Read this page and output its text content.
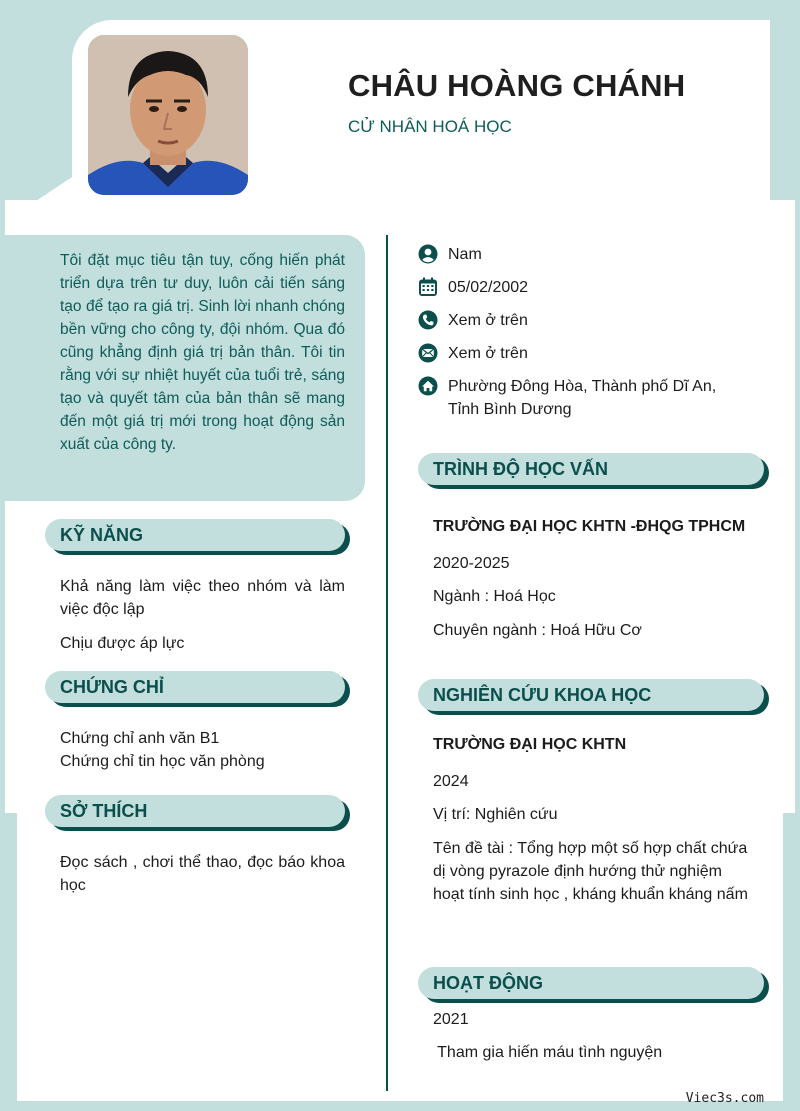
CHÂU HOÀNG CHÁNH
CỬ NHÂN HOÁ HỌC

Tôi đặt mục tiêu tận tuy, cống hiến phát triển dựa trên tư duy, luôn cải tiến sáng tạo để tạo ra giá trị. Sinh lời nhanh chóng bền vững cho công ty, đội nhóm. Qua đó cũng khẳng định giá trị bản thân. Tôi tin rằng với sự nhiệt huyết của tuổi trẻ, sáng tạo và quyết tâm của bản thân sẽ mang đến một giá trị mới trong hoạt động sản xuất của công ty.

Nam
05/02/2002
Xem ở trên
Xem ở trên
Phường Đông Hòa, Thành phố Dĩ An,
Tỉnh Bình Dương
KỸ NĂNG
Khả năng làm việc theo nhóm và làm việc độc lập
Chịu được áp lực
CHỨNG CHỈ
Chứng chỉ anh văn B1
Chứng chỉ tin học văn phòng
SỞ THÍCH
Đọc sách , chơi thể thao, đọc báo khoa học
TRÌNH ĐỘ HỌC VẤN
TRƯỜNG ĐẠI HỌC KHTN -ĐHQG TPHCM
2020-2025
Ngành : Hoá Học
Chuyên ngành : Hoá Hữu Cơ
NGHIÊN CỨU KHOA HỌC
TRƯỜNG ĐẠI HỌC KHTN
2024
Vị trí: Nghiên cứu
Tên đề tài : Tổng hợp một số hợp chất chứa dị vòng pyrazole định hướng thử nghiệm hoạt tính sinh học , kháng khuẩn kháng nấm
HOẠT ĐỘNG
2021
Tham gia hiến máu tình nguyện
Viec3s.com
